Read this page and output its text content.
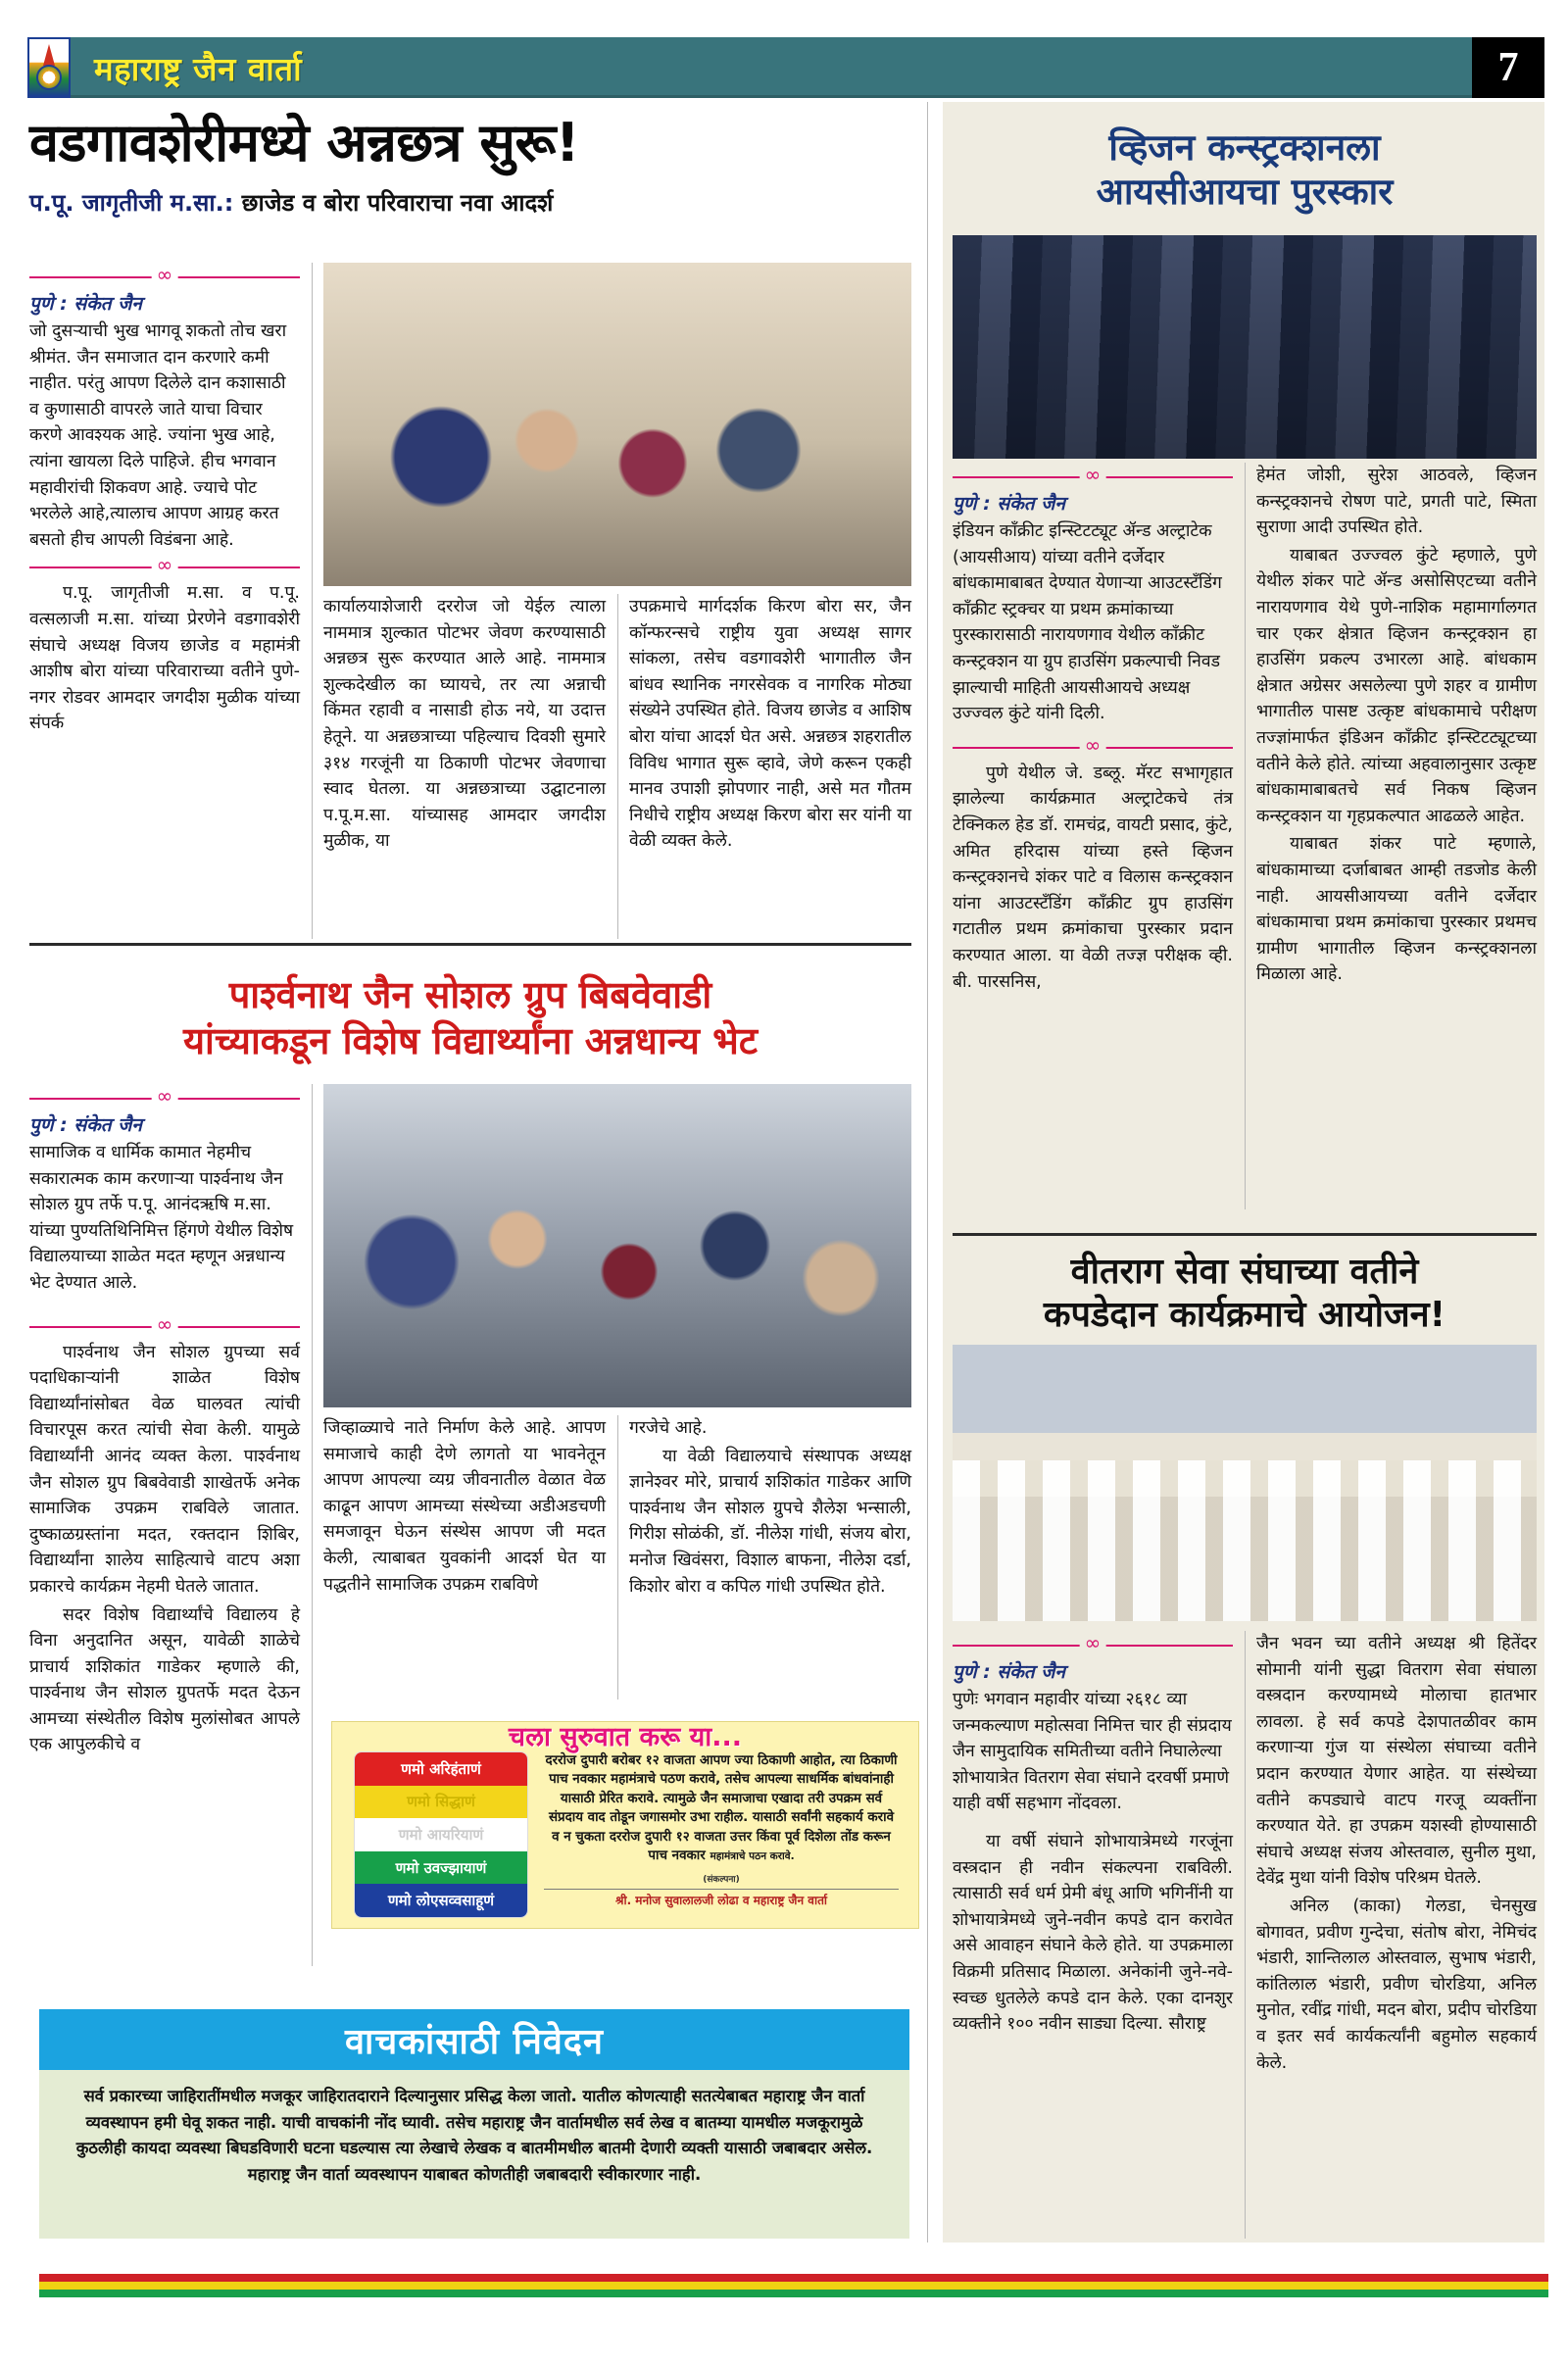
महाराष्ट्र जैन वार्ता	7
वडगावशेरीमध्ये अन्नछत्र सुरू!
प.पू. जागृतीजी म.सा.: छाजेड व बोरा परिवाराचा नवा आदर्श
∞
पुणे : संकेत जैन

जो दुसऱ्याची भुख भागवू शकतो तोच खरा श्रीमंत. जैन समाजात दान करणारे कमी नाहीत. परंतु आपण दिलेले दान कशासाठी व कुणासाठी वापरले जाते याचा विचार करणे आवश्यक आहे. ज्यांना भुख आहे, त्यांना खायला दिले पाहिजे. हीच भगवान महावीरांची शिकवण आहे. ज्याचे पोट भरलेले आहे,त्यालाच आपण आग्रह करत बसतो हीच आपली विडंबना आहे.

∞

प.पू. जागृतीजी म.सा. व प.पू. वत्सलाजी म.सा. यांच्या प्रेरणेने वडगावशेरी संघाचे अध्यक्ष विजय छाजेड व महामंत्री आशीष बोरा यांच्या परिवाराच्या वतीने पुणे-नगर रोडवर आमदार जगदीश मुळीक यांच्या संपर्क

कार्यालयाशेजारी दररोज जो येईल त्याला नाममात्र शुल्कात पोटभर जेवण करण्यासाठी अन्नछत्र सुरू करण्यात आले आहे. नाममात्र शुल्कदेखील का घ्यायचे, तर त्या अन्नाची किंमत रहावी व नासाडी होऊ नये, या उदात्त हेतूने. या अन्नछत्राच्या पहिल्याच दिवशी सुमारे ३१४ गरजूंनी या ठिकाणी पोटभर जेवणाचा स्वाद घेतला. या अन्नछत्राच्या उद्घाटनाला प.पू.म.सा. यांच्यासह आमदार जगदीश मुळीक, या

उपक्रमाचे मार्गदर्शक किरण बोरा सर, जैन कॉन्फरन्सचे राष्ट्रीय युवा अध्यक्ष सागर सांकला, तसेच वडगावशेरी भागातील जैन बांधव स्थानिक नगरसेवक व नागरिक मोठ्या संख्येने उपस्थित होते. विजय छाजेड व आशिष बोरा यांचा आदर्श घेत असे. अन्नछत्र शहरातील विविध भागात सुरू व्हावे, जेणे करून एकही मानव उपाशी झोपणार नाही, असे मत गौतम निधीचे राष्ट्रीय अध्यक्ष किरण बोरा सर यांनी या वेळी व्यक्त केले.

पार्श्वनाथ जैन सोशल ग्रुप बिबवेवाडी
यांच्याकडून विशेष विद्यार्थ्यांना अन्नधान्य भेट
∞
पुणे : संकेत जैन

सामाजिक व धार्मिक कामात नेहमीच सकारात्मक काम करणाऱ्या पार्श्वनाथ जैन सोशल ग्रुप तर्फे प.पू. आनंदऋषि म.सा. यांच्या पुण्यतिथिनिमित्त हिंगणे येथील विशेष विद्यालयाच्या शाळेत मदत म्हणून अन्नधान्य भेट देण्यात आले.

∞

पार्श्वनाथ जैन सोशल ग्रुपच्या सर्व पदाधिकाऱ्यांनी शाळेत विशेष विद्यार्थ्यांनांसोबत वेळ घालवत त्यांची विचारपूस करत त्यांची सेवा केली. यामुळे विद्यार्थ्यांनी आनंद व्यक्त केला. पार्श्वनाथ जैन सोशल ग्रुप बिबवेवाडी शाखेतर्फे अनेक सामाजिक उपक्रम राबविले जातात. दुष्काळग्रस्तांना मदत, रक्तदान शिबिर, विद्यार्थ्यांना शालेय साहित्याचे वाटप अशा प्रकारचे कार्यक्रम नेहमी घेतले जातात.

सदर विशेष विद्यार्थ्यांचे विद्यालय हे विना अनुदानित असून, यावेळी शाळेचे प्राचार्य शशिकांत गाडेकर म्हणाले की, पार्श्वनाथ जैन सोशल ग्रुपतर्फे मदत देऊन आमच्या संस्थेतील विशेष मुलांसोबत आपले एक आपुलकीचे व

जिव्हाळ्याचे नाते निर्माण केले आहे. आपण समाजाचे काही देणे लागतो या भावनेतून आपण आपल्या व्यग्र जीवनातील वेळात वेळ काढून आपण आमच्या संस्थेच्या अडीअडचणी समजावून घेऊन संस्थेस आपण जी मदत केली, त्याबाबत युवकांनी आदर्श घेत या पद्धतीने सामाजिक उपक्रम राबविणे

गरजेचे आहे.

या वेळी विद्यालयाचे संस्थापक अध्यक्ष ज्ञानेश्वर मोरे, प्राचार्य शशिकांत गाडेकर आणि पार्श्वनाथ जैन सोशल ग्रुपचे शैलेश भन्साली, गिरीश सोळंकी, डॉ. नीलेश गांधी, संजय बोरा, मनोज खिवंसरा, विशाल बाफना, नीलेश दर्डा, किशोर बोरा व कपिल गांधी उपस्थित होते.

चला सुरुवात करू या...
णमो अरिहंताणं
णमो सिद्धाणं
णमो आयरियाणं
णमो उवज्झायाणं
णमो लोएसव्वसाहूणं
दररोज दुपारी बरोबर १२ वाजता आपण ज्या ठिकाणी आहोत, त्या ठिकाणी पाच नवकार महामंत्राचे पठण करावे, तसेच आपल्या साधर्मिक बांधवांनाही यासाठी प्रेरित करावे. त्यामुळे जैन समाजाचा एखादा तरी उपक्रम सर्व संप्रदाय वाद तोडून जगासमोर उभा राहील. यासाठी सर्वांनी सहकार्य करावे व न चुकता दररोज दुपारी १२ वाजता उत्तर किंवा पूर्व दिशेला तोंड करून पाच नवकार महामंत्राचे पठन करावे.
(संकल्पना)
श्री. मनोज सुवालालजी लोढा व महाराष्ट्र जैन वार्ता
वाचकांसाठी निवेदन
सर्व प्रकारच्या जाहिरातींमधील मजकूर जाहिरातदाराने दिल्यानुसार प्रसिद्ध केला जातो. यातील कोणत्याही सतत्येबाबत महाराष्ट्र जैन वार्ता व्यवस्थापन हमी घेवू शकत नाही. याची वाचकांनी नोंद घ्यावी. तसेच महाराष्ट्र जैन वार्तामधील सर्व लेख व बातम्या यामधील मजकूरामुळे कुठलीही कायदा व्यवस्था बिघडविणारी घटना घडल्यास त्या लेखाचे लेखक व बातमीमधील बातमी देणारी व्यक्ती यासाठी जबाबदार असेल. महाराष्ट्र जैन वार्ता व्यवस्थापन याबाबत कोणतीही जबाबदारी स्वीकारणार नाही.
व्हिजन कन्स्ट्रक्शनला
आयसीआयचा पुरस्कार
∞
पुणे : संकेत जैन

इंडियन काँक्रीट इन्स्टिटट्यूट ॲन्ड अल्ट्राटेक (आयसीआय) यांच्या वतीने दर्जेदार बांधकामाबाबत देण्यात येणाऱ्या आउटस्टँडिंग काँक्रीट स्ट्रक्चर या प्रथम क्रमांकाच्या पुरस्कारासाठी नारायणगाव येथील काँक्रीट कन्स्ट्रक्शन या ग्रुप हाउसिंग प्रकल्पाची निवड झाल्याची माहिती आयसीआयचे अध्यक्ष उज्ज्वल कुंटे यांनी दिली.

∞

पुणे येथील जे. डब्लू. मॅरट सभागृहात झालेल्या कार्यक्रमात अल्ट्राटेकचे तंत्र टेक्निकल हेड डॉ. रामचंद्र, वायटी प्रसाद, कुंटे, अमित हरिदास यांच्या हस्ते व्हिजन कन्स्ट्रक्शनचे शंकर पाटे व विलास कन्स्ट्रक्शन यांना आउटस्टँडिंग काँक्रीट ग्रुप हाउसिंग गटातील प्रथम क्रमांकाचा पुरस्कार प्रदान करण्यात आला. या वेळी तज्ज्ञ परीक्षक व्ही. बी. पारसनिस,

हेमंत जोशी, सुरेश आठवले, व्हिजन कन्स्ट्रक्शनचे रोषण पाटे, प्रगती पाटे, स्मिता सुराणा आदी उपस्थित होते.

याबाबत उज्ज्वल कुंटे म्हणाले, पुणे येथील शंकर पाटे ॲन्ड असोसिएटच्या वतीने नारायणगाव येथे पुणे-नाशिक महामार्गालगत चार एकर क्षेत्रात व्हिजन कन्स्ट्रक्शन हा हाउसिंग प्रकल्प उभारला आहे. बांधकाम क्षेत्रात अग्रेसर असलेल्या पुणे शहर व ग्रामीण भागातील पासष्ट उत्कृष्ट बांधकामाचे परीक्षण तज्ज्ञांमार्फत इंडिअन काँक्रीट इन्स्टिटट्यूटच्या वतीने केले होते. त्यांच्या अहवालानुसार उत्कृष्ट बांधकामाबाबतचे सर्व निकष व्हिजन कन्स्ट्रक्शन या गृहप्रकल्पात आढळले आहेत.

याबाबत शंकर पाटे म्हणाले, बांधकामाच्या दर्जाबाबत आम्ही तडजोड केली नाही. आयसीआयच्या वतीने दर्जेदार बांधकामाचा प्रथम क्रमांकाचा पुरस्कार प्रथमच ग्रामीण भागातील व्हिजन कन्स्ट्रक्शनला मिळाला आहे.

वीतराग सेवा संघाच्या वतीने
कपडेदान कार्यक्रमाचे आयोजन!
∞
पुणे : संकेत जैन

पुणेः भगवान महावीर यांच्या २६१८ व्या जन्मकल्याण महोत्सवा निमित्त चार ही संप्रदाय जैन सामुदायिक समितीच्या वतीने निघालेल्या शोभायात्रेत वितराग सेवा संघाने दरवर्षी प्रमाणे याही वर्षी सहभाग नोंदवला.

या वर्षी संघाने शोभायात्रेमध्ये गरजूंना वस्त्रदान ही नवीन संकल्पना राबविली. त्यासाठी सर्व धर्म प्रेमी बंधू आणि भगिनींनी या शोभायात्रेमध्ये जुने-नवीन कपडे दान करावेत असे आवाहन संघाने केले होते. या उपक्रमाला विक्रमी प्रतिसाद मिळाला. अनेकांनी जुने-नवे-स्वच्छ धुतलेले कपडे दान केले. एका दानशुर व्यक्तीने १०० नवीन साड्या दिल्या. सौराष्ट्र

जैन भवन च्या वतीने अध्यक्ष श्री हितेंदर सोमानी यांनी सुद्धा वितराग सेवा संघाला वस्त्रदान करण्यामध्ये मोलाचा हातभार लावला. हे सर्व कपडे देशपातळीवर काम करणाऱ्या गुंज या संस्थेला संघाच्या वतीने प्रदान करण्यात येणार आहेत. या संस्थेच्या वतीने कपड्याचे वाटप गरजू व्यक्तींना करण्यात येते. हा उपक्रम यशस्वी होण्यासाठी संघाचे अध्यक्ष संजय ओस्तवाल, सुनील मुथा, देवेंद्र मुथा यांनी विशेष परिश्रम घेतले.

अनिल (काका) गेलडा, चेनसुख बोगावत, प्रवीण गुन्देचा, संतोष बोरा, नेमिचंद भंडारी, शान्तिलाल ओस्तवाल, सुभाष भंडारी, कांतिलाल भंडारी, प्रवीण चोरडिया, अनिल मुनोत, रवींद्र गांधी, मदन बोरा, प्रदीप चोरडिया व इतर सर्व कार्यकर्त्यांनी बहुमोल सहकार्य केले.
